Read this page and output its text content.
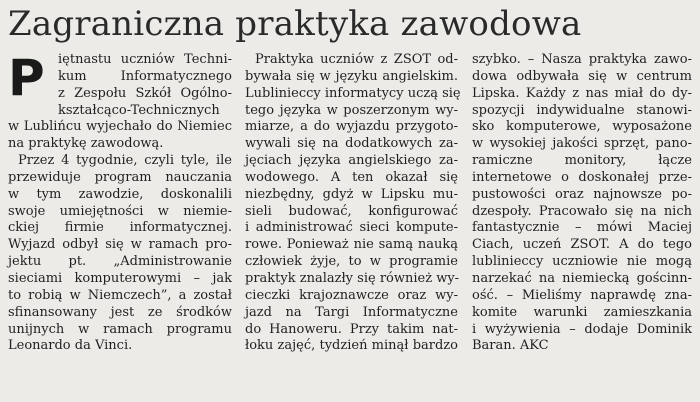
Zagraniczna praktyka zawodowa
P	iętnastu uczniów Techni-
kum Informatycznego
z Zespołu Szkół Ogólno-
kształcąco-Technicznych
w Lublińcu wyjechało do Niemiec
na praktykę zawodową.
Przez 4 tygodnie, czyli tyle, ile
przewiduje program nauczania
w tym zawodzie, doskonalili
swoje umiejętności w niemie-
ckiej firmie informatycznej.
Wyjazd odbył się w ramach pro-
jektu pt. „Administrowanie
sieciami komputerowymi – jak
to robią w Niemczech”, a został
sfinansowany jest ze środków
unijnych w ramach programu
Leonardo da Vinci.
Praktyka uczniów z ZSOT od-
bywała się w języku angielskim.
Lublinieccy informatycy uczą się
tego języka w poszerzonym wy-
miarze, a do wyjazdu przygoto-
wywali się na dodatkowych za-
jęciach języka angielskiego za-
wodowego. A ten okazał się
niezbędny, gdyż w Lipsku mu-
sieli budować, konfigurować
i administrować sieci kompute-
rowe. Ponieważ nie samą nauką
człowiek żyje, to w programie
praktyk znalazły się również wy-
cieczki krajoznawcze oraz wy-
jazd na Targi Informatyczne
do Hanoweru. Przy takim nat-
łoku zajęć, tydzień minął bardzo
szybko. – Nasza praktyka zawo-
dowa odbywała się w centrum
Lipska. Każdy z nas miał do dy-
spozycji indywidualne stanowi-
sko komputerowe, wyposażone
w wysokiej jakości sprzęt, pano-
ramiczne monitory, łącze
internetowe o doskonałej prze-
pustowości oraz najnowsze po-
dzespoły. Pracowało się na nich
fantastycznie – mówi Maciej
Ciach, uczeń ZSOT. A do tego
lublinieccy uczniowie nie mogą
narzekać na niemiecką gościnn-
ość. – Mieliśmy naprawdę zna-
komite warunki zamieszkania
i wyżywienia – dodaje Dominik
Baran. AKC
